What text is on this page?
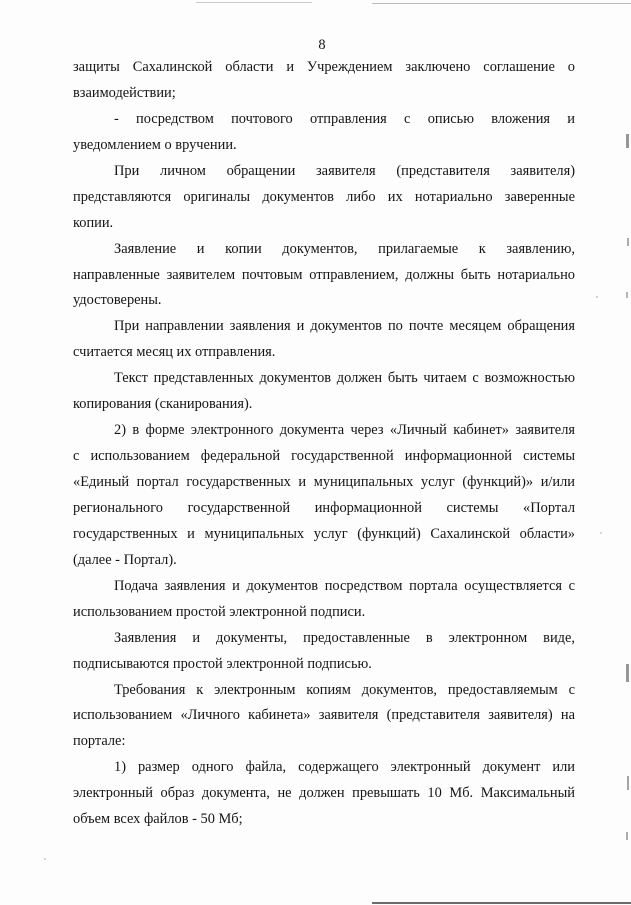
8
защиты Сахалинской области и Учреждением заключено соглашение о
взаимодействии;
- посредством почтового отправления с описью вложения и
уведомлением о вручении.
При личном обращении заявителя (представителя заявителя)
представляются оригиналы документов либо их нотариально заверенные
копии.
Заявление и копии документов, прилагаемые к заявлению,
направленные заявителем почтовым отправлением, должны быть нотариально
удостоверены.
При направлении заявления и документов по почте месяцем обращения
считается месяц их отправления.
Текст представленных документов должен быть читаем с возможностью
копирования (сканирования).
2) в форме электронного документа через «Личный кабинет» заявителя
с использованием федеральной государственной информационной системы
«Единый портал государственных и муниципальных услуг (функций)» и/или
регионального государственной информационной системы «Портал
государственных и муниципальных услуг (функций) Сахалинской области»
(далее - Портал).
Подача заявления и документов посредством портала осуществляется с
использованием простой электронной подписи.
Заявления и документы, предоставленные в электронном виде,
подписываются простой электронной подписью.
Требования к электронным копиям документов, предоставляемым с
использованием «Личного кабинета» заявителя (представителя заявителя) на
портале:
1) размер одного файла, содержащего электронный документ или
электронный образ документа, не должен превышать 10 Мб. Максимальный
объем всех файлов - 50 Мб;
